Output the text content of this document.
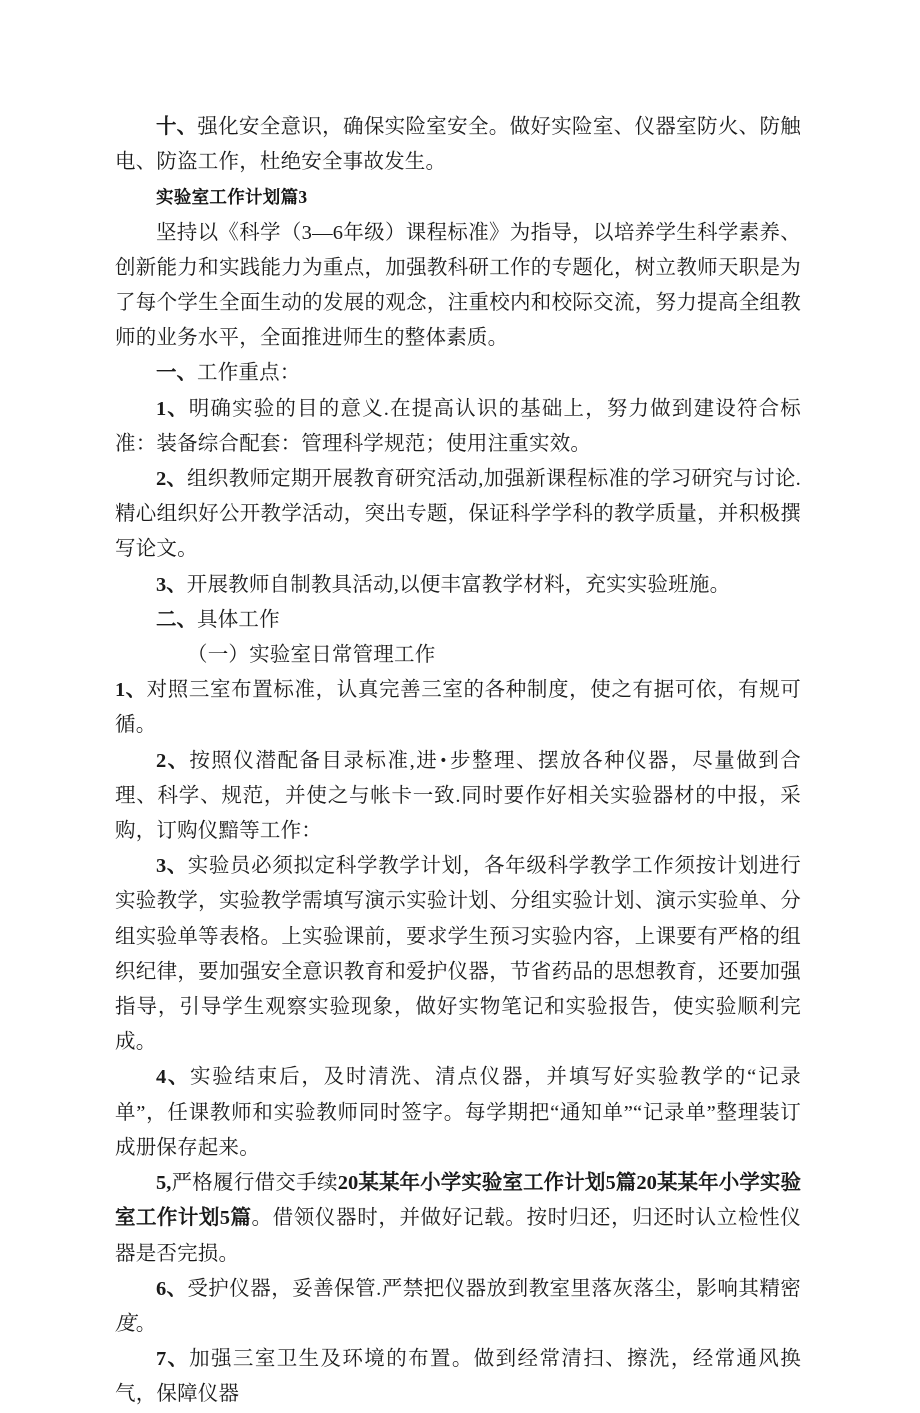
十、强化安全意识，确保实险室安全。做好实险室、仪器室防火、防触电、防盗工作，杜绝安全事故发生。

实验室工作计划篇3

坚持以《科学（3—6年级）课程标准》为指导，以培养学生科学素养、创新能力和实践能力为重点，加强教科研工作的专题化，树立教师天职是为了每个学生全面生动的发展的观念，注重校内和校际交流，努力提高全组教师的业务水平，全面推进师生的整体素质。

一、工作重点：

1、明确实验的目的意义.在提高认识的基础上，努力做到建设符合标准：装备综合配套：管理科学规范；使用注重实效。

2、组织教师定期开展教育研究活动,加强新课程标准的学习研究与讨论.精心组织好公开教学活动，突出专题，保证科学学科的教学质量，并积极撰写论文。

3、开展教师自制教具活动,以便丰富教学材料，充实实验班施。

二、具体工作

（一）实验室日常管理工作

1、对照三室布置标准，认真完善三室的各种制度，使之有据可依，有规可循。

2、按照仪潜配备目录标准,进•步整理、摆放各种仪器，尽量做到合理、科学、规范，并使之与帐卡一致.同时要作好相关实验器材的中报，采购，订购仪黯等工作：

3、实验员必须拟定科学教学计划，各年级科学教学工作须按计划进行实验教学，实验教学需填写演示实验计划、分组实验计划、演示实验单、分组实验单等表格。上实验课前，要求学生预习实验内容，上课要有严格的组织纪律，要加强安全意识教育和爱护仪器，节省药品的思想教育，还要加强指导，引导学生观察实验现象，做好实物笔记和实验报告，使实验顺利完成。

4、实验结束后，及时清洗、清点仪器，并填写好实验教学的“记录单”，任课教师和实验教师同时签字。每学期把“通知单”“记录单”整理装订成册保存起来。

5,严格履行借交手续20某某年小学实验室工作计划5篇20某某年小学实验室工作计划5篇。借领仪器时，并做好记载。按时归还，归还时认立检性仪器是否完损。

6、受护仪器，妥善保管.严禁把仪器放到教室里落灰落尘，影响其精密度。

7、加强三室卫生及环境的布置。做到经常清扫、擦洗，经常通风换气，保障仪器
